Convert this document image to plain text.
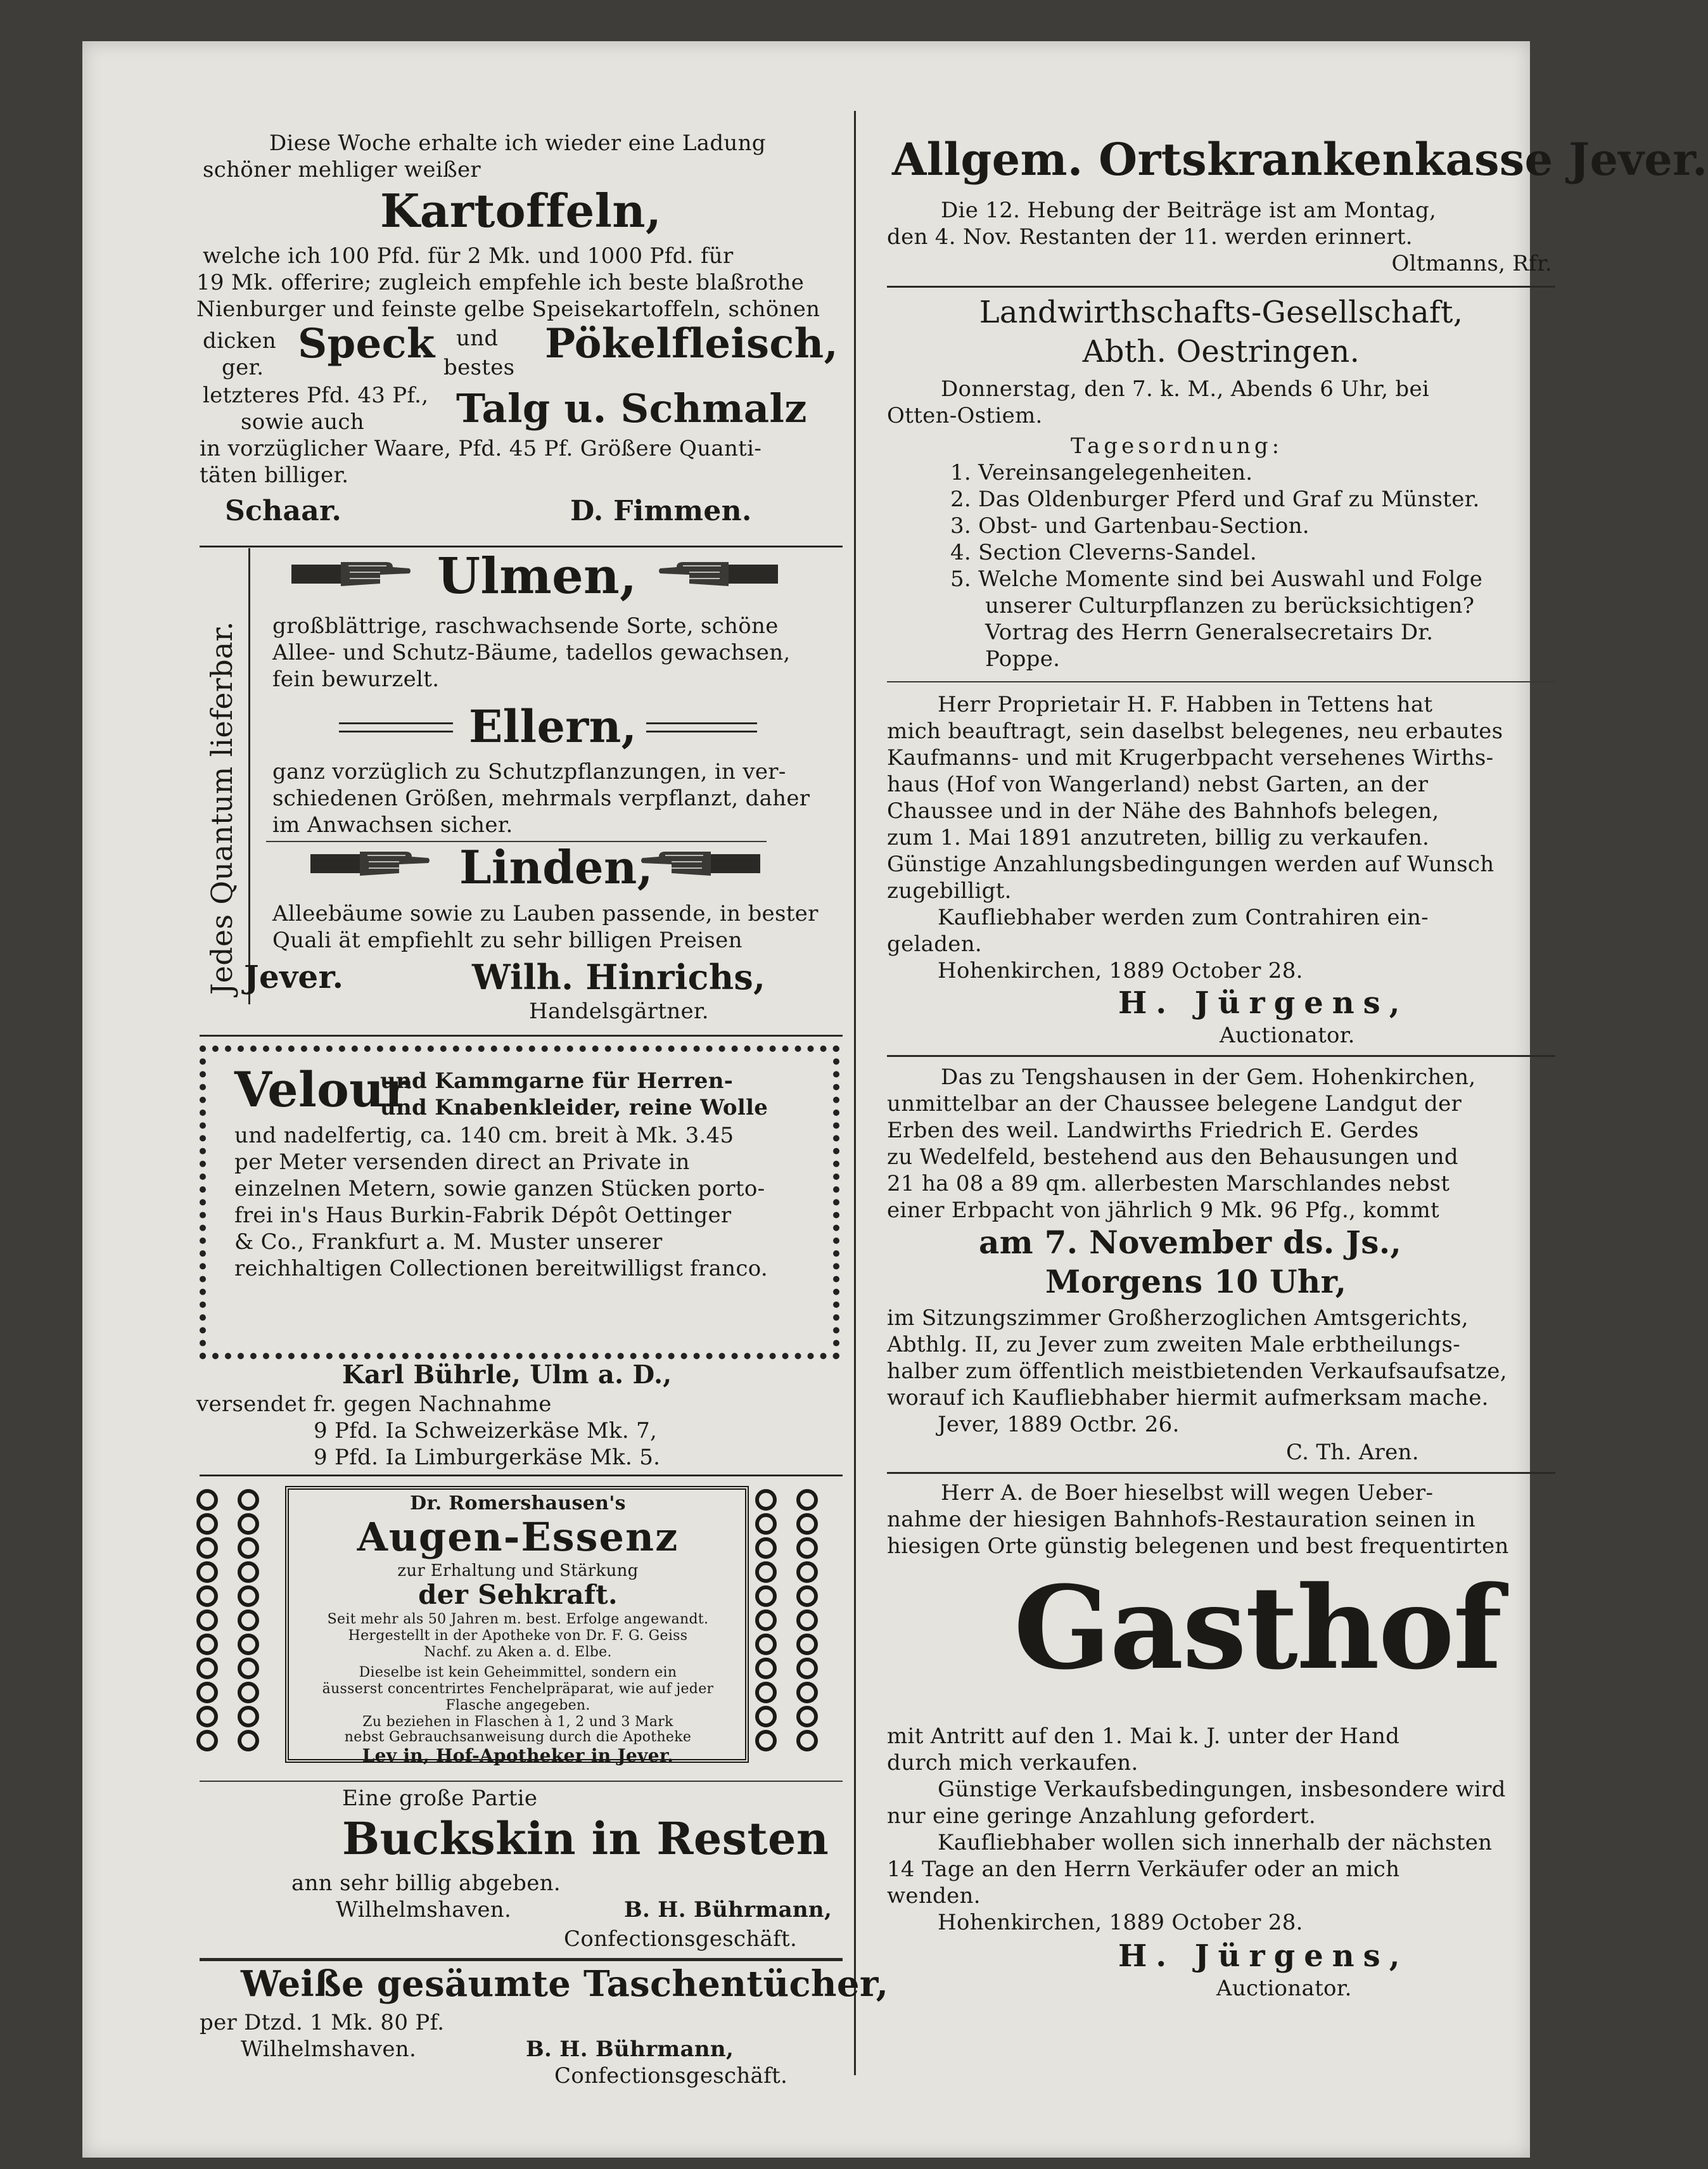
Diese Woche erhalte ich wieder eine Ladung
schöner mehliger weißer
Kartoffeln,
welche ich 100 Pfd. für 2 Mk. und 1000 Pfd. für
19 Mk. offerire; zugleich empfehle ich beste blaßrothe
Nienburger und feinste gelbe Speisekartoffeln, schönen
dicken Speck und Pökelfleisch,
ger.	bestes
letzteres Pfd. 43 Pf.,
sowie auch Talg u. Schmalz
in vorzüglicher Waare, Pfd. 45 Pf. Größere Quanti-
täten billiger.
Schaar.	D. Fimmen.
Jedes Quantum lieferbar.
Ulmen,
großblättrige, raschwachsende Sorte, schöne
Allee- und Schutz-Bäume, tadellos gewachsen,
fein bewurzelt.
Ellern,
ganz vorzüglich zu Schutzpflanzungen, in ver-
schiedenen Größen, mehrmals verpflanzt, daher
im Anwachsen sicher.
Linden,
Alleebäume sowie zu Lauben passende, in bester
Quali ät empfiehlt zu sehr billigen Preisen
Jever.	Wilh. Hinrichs,
Handelsgärtner.
Velour
und Kammgarne für Herren-
und Knabenkleider, reine Wolle
und nadelfertig, ca. 140 cm. breit à Mk. 3.45
per Meter versenden direct an Private in
einzelnen Metern, sowie ganzen Stücken porto-
frei in's Haus Burkin-Fabrik Dépôt Oettinger
& Co., Frankfurt a. M. Muster unserer
reichhaltigen Collectionen bereitwilligst franco.
Karl Bührle, Ulm a. D.,
versendet fr. gegen Nachnahme
9 Pfd. Ia Schweizerkäse Mk. 7,
9 Pfd. Ia Limburgerkäse Mk. 5.
Dr. Romershausen's
Augen-Essenz
zur Erhaltung und Stärkung
der Sehkraft.
Seit mehr als 50 Jahren m. best. Erfolge angewandt.
Hergestellt in der Apotheke von Dr. F. G. Geiss
Nachf. zu Aken a. d. Elbe.
Dieselbe ist kein Geheimmittel, sondern ein
äusserst concentrirtes Fenchelpräparat, wie auf jeder
Flasche angegeben.
Zu beziehen in Flaschen à 1, 2 und 3 Mark
nebst Gebrauchsanweisung durch die Apotheke
Lev in, Hof-Apotheker in Jever.
Eine große Partie
Buckskin in Resten
ann sehr billig abgeben.
Wilhelmshaven.	B. H. Bührmann,
Confectionsgeschäft.
Weiße gesäumte Taschentücher,
per Dtzd. 1 Mk. 80 Pf.
Wilhelmshaven.	B. H. Bührmann,
Confectionsgeschäft.
Allgem. Ortskrankenkasse Jever.
Die 12. Hebung der Beiträge ist am Montag,
den 4. Nov. Restanten der 11. werden erinnert.
Oltmanns, Rfr.
Landwirthschafts-Gesellschaft,
Abth. Oestringen.
Donnerstag, den 7. k. M., Abends 6 Uhr, bei
Otten-Ostiem.
Tagesordnung:
1. Vereinsangelegenheiten.
2. Das Oldenburger Pferd und Graf zu Münster.
3. Obst- und Gartenbau-Section.
4. Section Cleverns-Sandel.
5. Welche Momente sind bei Auswahl und Folge
unserer Culturpflanzen zu berücksichtigen?
Vortrag des Herrn Generalsecretairs Dr.
Poppe.
Herr Proprietair H. F. Habben in Tettens hat
mich beauftragt, sein daselbst belegenes, neu erbautes
Kaufmanns- und mit Krugerbpacht versehenes Wirths-
haus (Hof von Wangerland) nebst Garten, an der
Chaussee und in der Nähe des Bahnhofs belegen,
zum 1. Mai 1891 anzutreten, billig zu verkaufen.
Günstige Anzahlungsbedingungen werden auf Wunsch
zugebilligt.
Kaufliebhaber werden zum Contrahiren ein-
geladen.
Hohenkirchen, 1889 October 28.
H. Jürgens,
Auctionator.
Das zu Tengshausen in der Gem. Hohenkirchen,
unmittelbar an der Chaussee belegene Landgut der
Erben des weil. Landwirths Friedrich E. Gerdes
zu Wedelfeld, bestehend aus den Behausungen und
21 ha 08 a 89 qm. allerbesten Marschlandes nebst
einer Erbpacht von jährlich 9 Mk. 96 Pfg., kommt
am 7. November ds. Js.,
Morgens 10 Uhr,
im Sitzungszimmer Großherzoglichen Amtsgerichts,
Abthlg. II, zu Jever zum zweiten Male erbtheilungs-
halber zum öffentlich meistbietenden Verkaufsaufsatze,
worauf ich Kaufliebhaber hiermit aufmerksam mache.
Jever, 1889 Octbr. 26.
C. Th. Aren.
Herr A. de Boer hieselbst will wegen Ueber-
nahme der hiesigen Bahnhofs-Restauration seinen in
hiesigen Orte günstig belegenen und best frequentirten
Gasthof
mit Antritt auf den 1. Mai k. J. unter der Hand
durch mich verkaufen.
Günstige Verkaufsbedingungen, insbesondere wird
nur eine geringe Anzahlung gefordert.
Kaufliebhaber wollen sich innerhalb der nächsten
14 Tage an den Herrn Verkäufer oder an mich
wenden.
Hohenkirchen, 1889 October 28.
H. Jürgens,
Auctionator.
